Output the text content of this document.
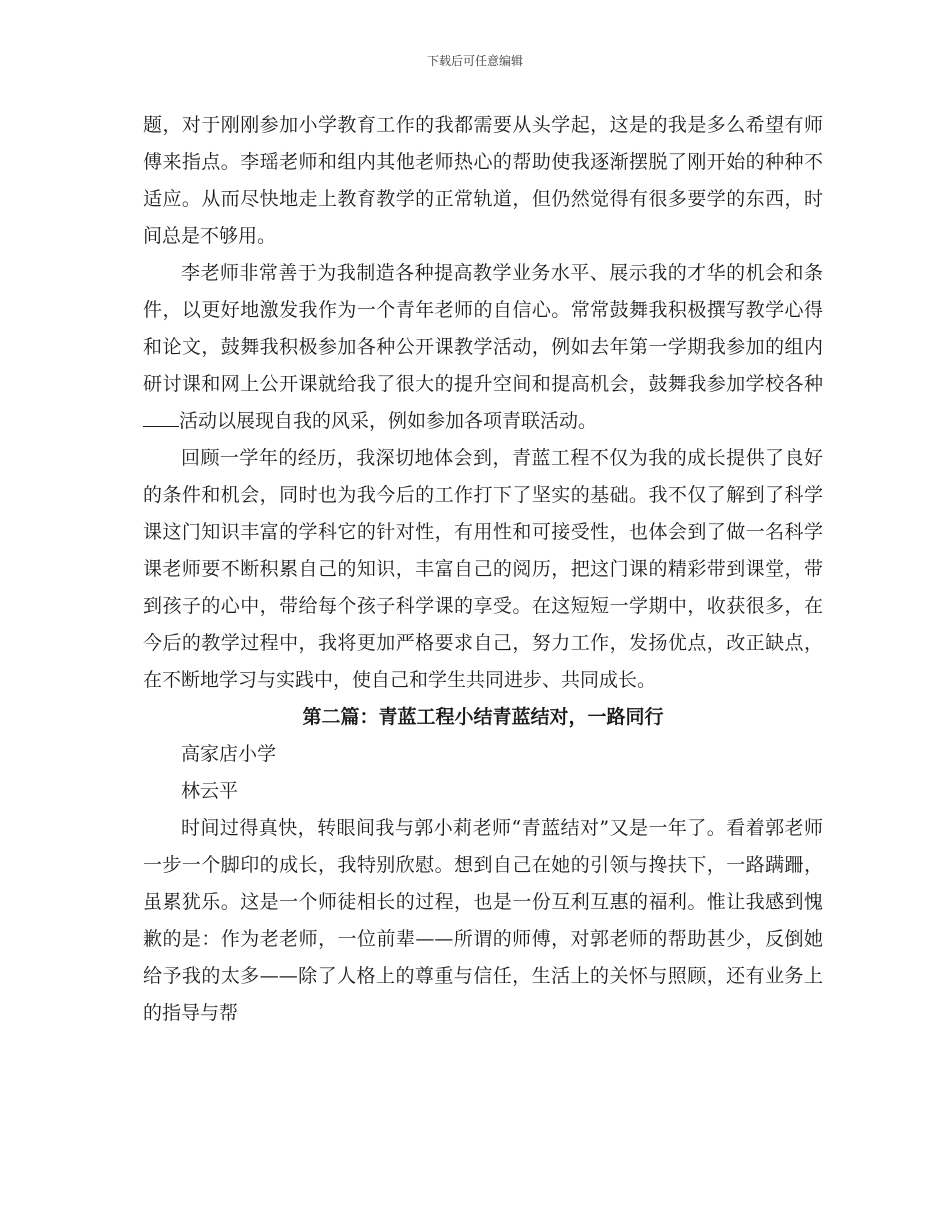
下载后可任意编辑

题，对于刚刚参加小学教育工作的我都需要从头学起，这是的我是多么希望有师傅来指点。李瑶老师和组内其他老师热心的帮助使我逐渐摆脱了刚开始的种种不适应。从而尽快地走上教育教学的正常轨道，但仍然觉得有很多要学的东西，时间总是不够用。

李老师非常善于为我制造各种提高教学业务水平、展示我的才华的机会和条件，以更好地激发我作为一个青年老师的自信心。常常鼓舞我积极撰写教学心得和论文，鼓舞我积极参加各种公开课教学活动，例如去年第一学期我参加的组内研讨课和网上公开课就给我了很大的提升空间和提高机会，鼓舞我参加学校各种活动以展现自我的风采，例如参加各项青联活动。

回顾一学年的经历，我深切地体会到，青蓝工程不仅为我的成长提供了良好的条件和机会，同时也为我今后的工作打下了坚实的基础。我不仅了解到了科学课这门知识丰富的学科它的针对性，有用性和可接受性，也体会到了做一名科学课老师要不断积累自己的知识，丰富自己的阅历，把这门课的精彩带到课堂，带到孩子的心中，带给每个孩子科学课的享受。在这短短一学期中，收获很多，在今后的教学过程中，我将更加严格要求自己，努力工作，发扬优点，改正缺点，在不断地学习与实践中，使自己和学生共同进步、共同成长。

第二篇：青蓝工程小结青蓝结对，一路同行

高家店小学

林云平

时间过得真快，转眼间我与郭小莉老师“青蓝结对”又是一年了。看着郭老师一步一个脚印的成长，我特别欣慰。想到自己在她的引领与搀扶下，一路蹒跚，虽累犹乐。这是一个师徒相长的过程，也是一份互利互惠的福利。惟让我感到愧歉的是：作为老老师，一位前辈——所谓的师傅，对郭老师的帮助甚少，反倒她给予我的太多——除了人格上的尊重与信任，生活上的关怀与照顾，还有业务上的指导与帮
